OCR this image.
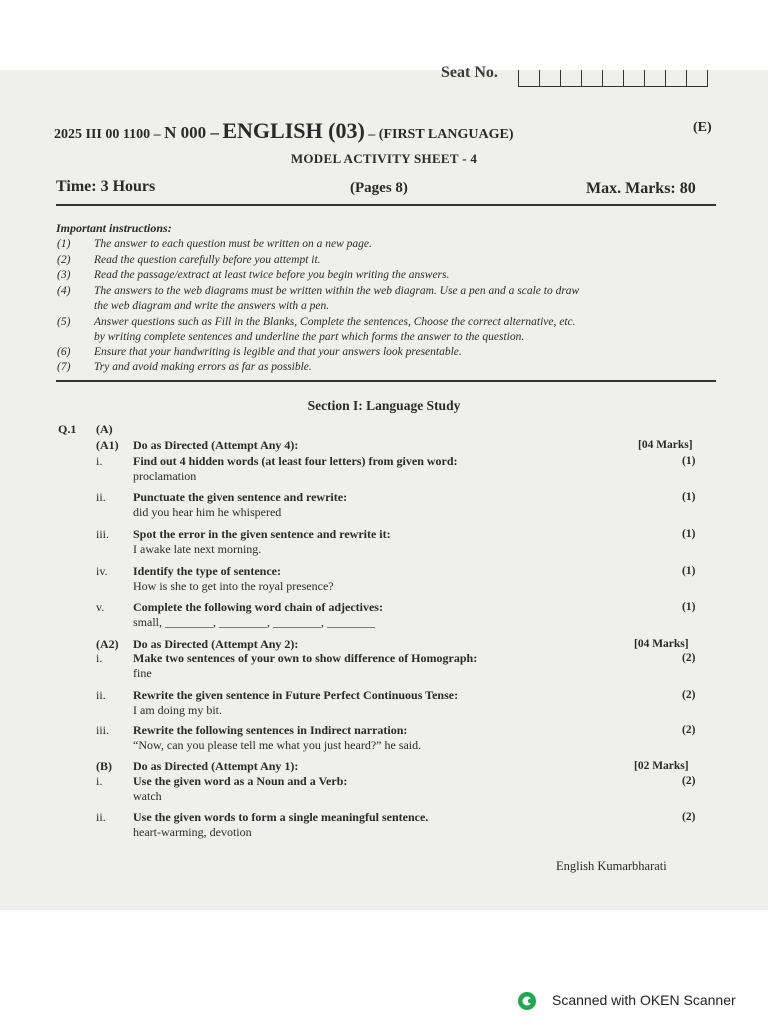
Seat No.
2025 III 00 1100 – N 000 – ENGLISH (03) – (FIRST LANGUAGE)	(E)
MODEL ACTIVITY SHEET - 4
Time: 3 Hours	(Pages 8)	Max. Marks: 80
Important instructions:
(1) The answer to each question must be written on a new page.
(2) Read the question carefully before you attempt it.
(3) Read the passage/extract at least twice before you begin writing the answers.
(4) The answers to the web diagrams must be written within the web diagram. Use a pen and a scale to draw
the web diagram and write the answers with a pen.
(5) Answer questions such as Fill in the Blanks, Complete the sentences, Choose the correct alternative, etc.
by writing complete sentences and underline the part which forms the answer to the question.
(6) Ensure that your handwriting is legible and that your answers look presentable.
(7) Try and avoid making errors as far as possible.
Section I: Language Study
Q.1 (A)
(A1) Do as Directed (Attempt Any 4):	[04 Marks]
i.	Find out 4 hidden words (at least four letters) from given word:
proclamation
(1)
ii. Punctuate the given sentence and rewrite:
did you hear him he whispered
(1)
iii. Spot the error in the given sentence and rewrite it:
I awake late next morning.
(1)
iv. Identify the type of sentence:
How is she to get into the royal presence?
(1)
v. Complete the following word chain of adjectives:
small, ________, ________, ________, ________
(1)
(A2) Do as Directed (Attempt Any 2):	[04 Marks]
i.	Make two sentences of your own to show difference of Homograph:
fine
(2)
ii. Rewrite the given sentence in Future Perfect Continuous Tense:
I am doing my bit.
(2)
iii. Rewrite the following sentences in Indirect narration:
“Now, can you please tell me what you just heard?” he said.
(2)
(B) Do as Directed (Attempt Any 1):	[02 Marks]
i.	Use the given word as a Noun and a Verb:
watch
(2)
ii. Use the given words to form a single meaningful sentence.
heart-warming, devotion
(2)
English Kumarbharati
Scanned with OKEN Scanner
